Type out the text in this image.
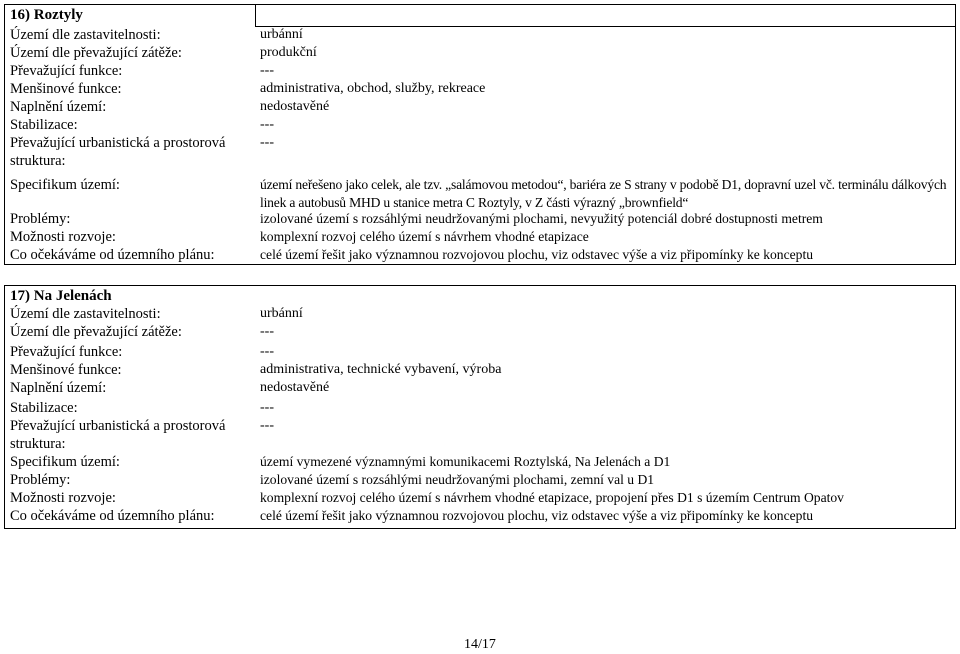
16) Roztyly
Území dle zastavitelnosti:	urbánní
Území dle převažující zátěže:	produkční
Převažující funkce:	---
Menšinové funkce:	administrativa, obchod, služby, rekreace
Naplnění území:	nedostavěné
Stabilizace:	---
Převažující urbanistická a prostorová struktura:
---
Specifikum území:	území neřešeno jako celek, ale tzv. „salámovou metodou“, bariéra ze S strany v podobě D1, dopravní uzel vč. terminálu dálkových linek a autobusů MHD u stanice metra C Roztyly, v Z části výrazný „brownfield“
Problémy:	izolované území s rozsáhlými neudržovanými plochami, nevyužitý potenciál dobré dostupnosti metrem
Možnosti rozvoje:	komplexní rozvoj celého území s návrhem vhodné etapizace
Co očekáváme od územního plánu:	celé území řešit jako významnou rozvojovou plochu, viz odstavec výše a viz připomínky ke konceptu
17) Na Jelenách
Území dle zastavitelnosti:	urbánní
Území dle převažující zátěže:	---
Převažující funkce:	---
Menšinové funkce:	administrativa, technické vybavení, výroba
Naplnění území:	nedostavěné
Stabilizace:	---
Převažující urbanistická a prostorová struktura:
---
Specifikum území:	území vymezené významnými komunikacemi Roztylská, Na Jelenách a D1
Problémy:	izolované území s rozsáhlými neudržovanými plochami, zemní val u D1
Možnosti rozvoje:	komplexní rozvoj celého území s návrhem vhodné etapizace, propojení přes D1 s územím Centrum Opatov
Co očekáváme od územního plánu:	celé území řešit jako významnou rozvojovou plochu, viz odstavec výše a viz připomínky ke konceptu
14/17
